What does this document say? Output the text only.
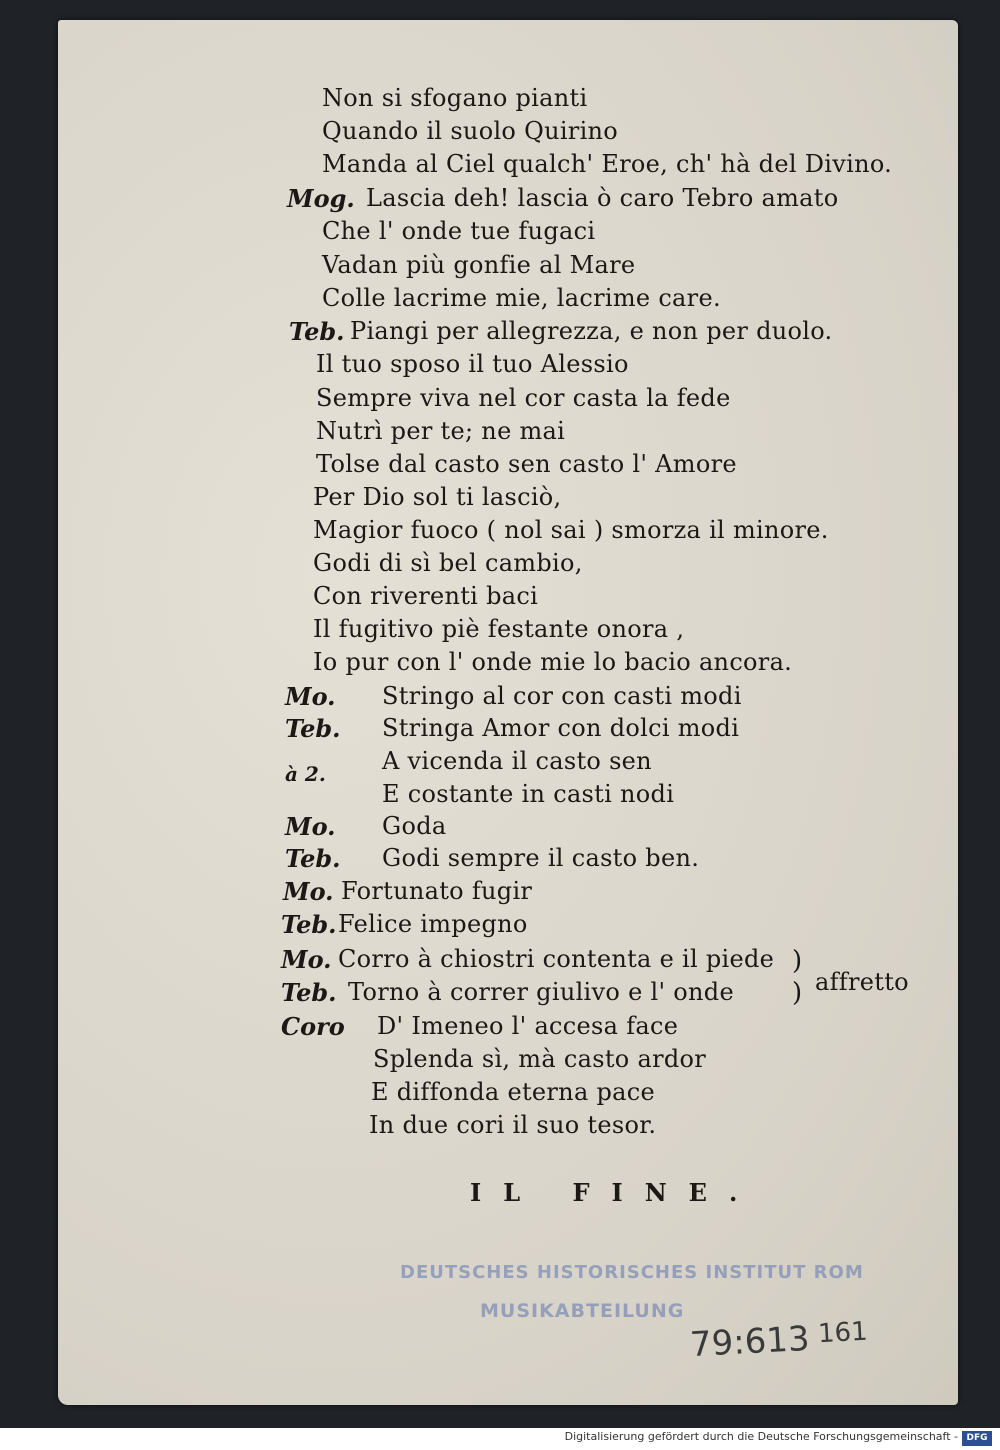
Non si sfogano pianti
Quando il suolo Quirino
Manda al Ciel qualch' Eroe, ch' hà del Divino.
Mog. Lascia deh! lascia ò caro Tebro amato
Che l' onde tue fugaci
Vadan più gonfie al Mare
Colle lacrime mie, lacrime care.
Teb. Piangi per allegrezza, e non per duolo.
Il tuo sposo il tuo Alessio
Sempre viva nel cor casta la fede
Nutrì per te; ne mai
Tolse dal casto sen casto l' Amore
Per Dio sol ti lasciò,
Magior fuoco ( nol sai ) smorza il minore.
Godi di sì bel cambio,
Con riverenti baci
Il fugitivo piè festante onora ,
Io pur con l' onde mie lo bacio ancora.
Mo. Stringo al cor con casti modi
Teb. Stringa Amor con dolci modi
à 2. A vicenda il casto sen
E costante in casti nodi
Mo. Goda
Teb. Godi sempre il casto ben.
Mo. Fortunato fugir
Teb. Felice impegno
Mo. Corro à chiostri contenta e il piede
Teb. Torno à correr giulivo e l' onde
)
) affretto
Coro D' Imeneo l' accesa face
Splenda sì, mà casto ardor
E diffonda eterna pace
In due cori il suo tesor.
IL FINE.
DEUTSCHES HISTORISCHES INSTITUT ROM
MUSIKABTEILUNG
79:613 161
Digitalisierung gefördert durch die Deutsche Forschungsgemeinschaft - DFG
